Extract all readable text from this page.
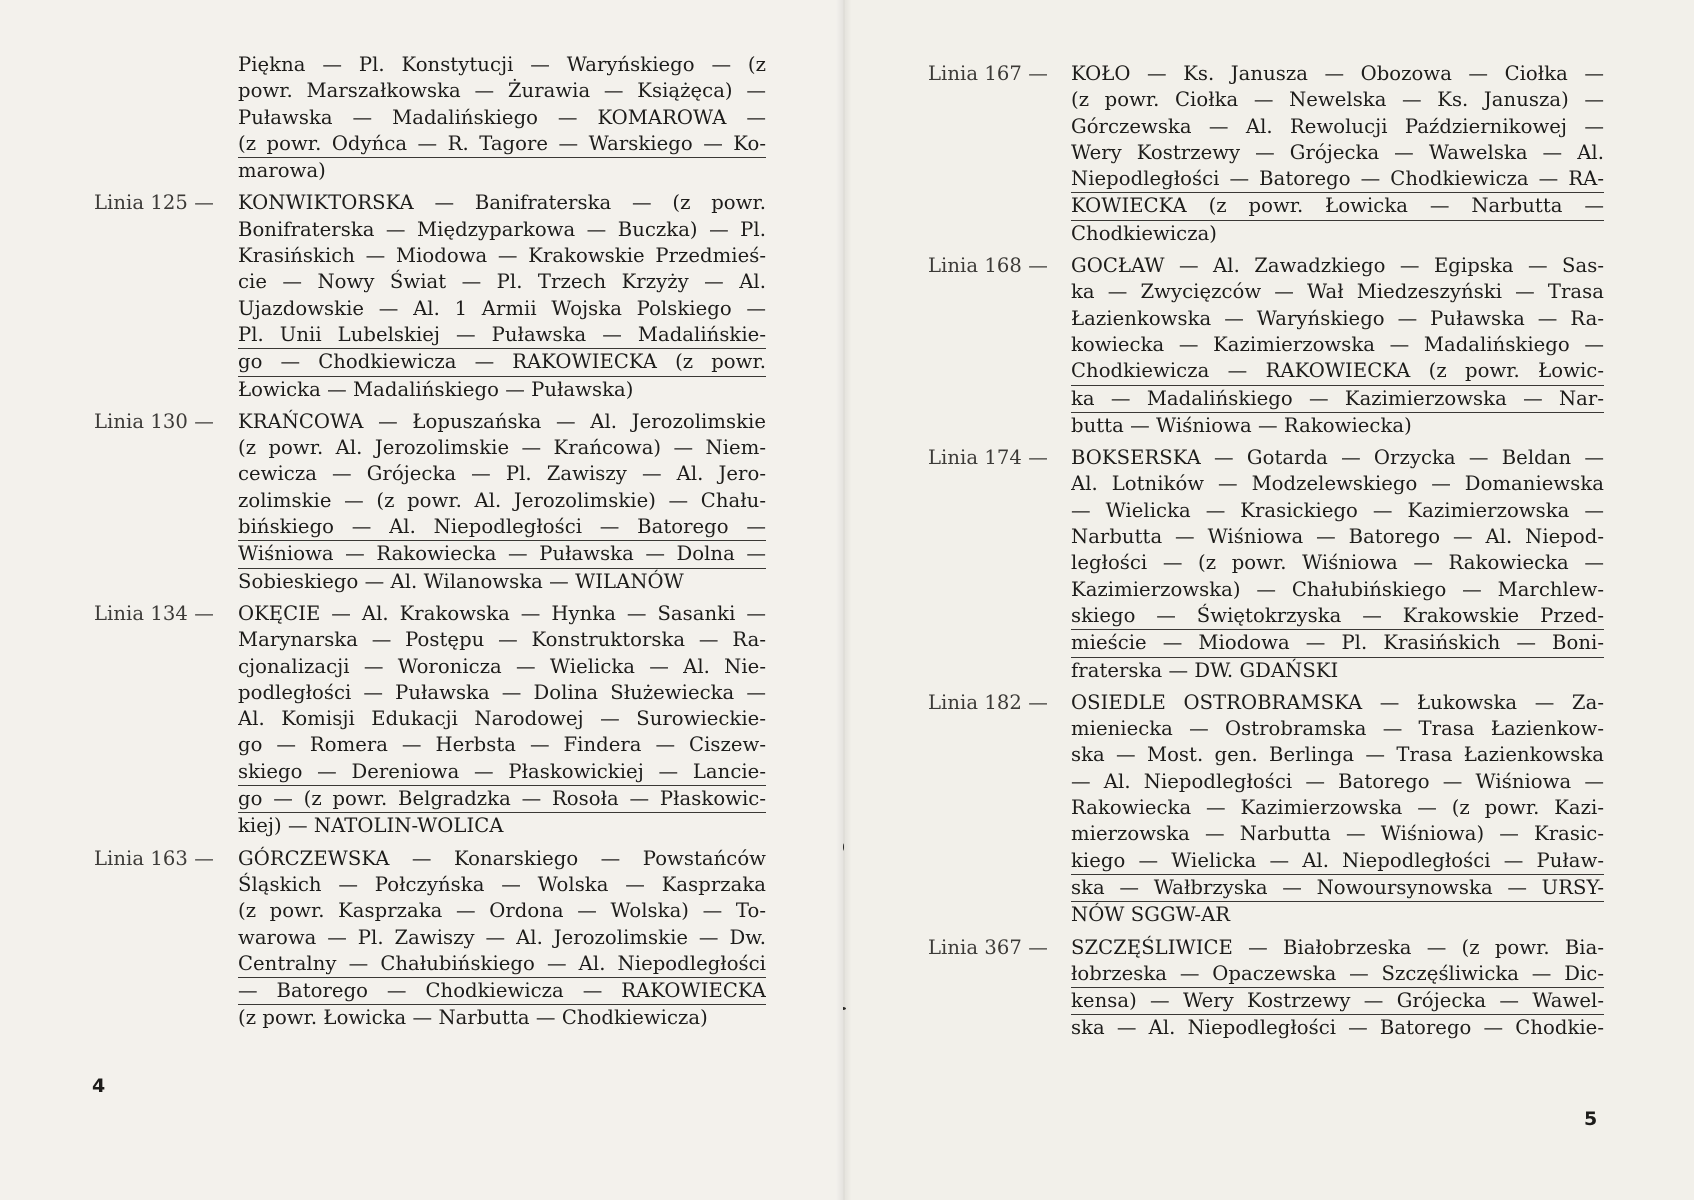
Piękna — Pl. Konstytucji — Waryńskiego — (z
powr. Marszałkowska — Żurawia — Książęca) —
Puławska — Madalińskiego — KOMAROWA —
(z powr. Odyńca — R. Tagore — Warskiego — Ko-
marowa)
Linia 125 —	KONWIKTORSKA — Banifraterska — (z powr.
Bonifraterska — Międzyparkowa — Buczka) — Pl.
Krasińskich — Miodowa — Krakowskie Przedmieś-
cie — Nowy Świat — Pl. Trzech Krzyży — Al.
Ujazdowskie — Al. 1 Armii Wojska Polskiego —
Pl. Unii Lubelskiej — Puławska — Madalińskie-
go — Chodkiewicza — RAKOWIECKA (z powr.
Łowicka — Madalińskiego — Puławska)
Linia 130 —	KRAŃCOWA — Łopuszańska — Al. Jerozolimskie
(z powr. Al. Jerozolimskie — Krańcowa) — Niem-
cewicza — Grójecka — Pl. Zawiszy — Al. Jero-
zolimskie — (z powr. Al. Jerozolimskie) — Chału-
bińskiego — Al. Niepodległości — Batorego —
Wiśniowa — Rakowiecka — Puławska — Dolna —
Sobieskiego — Al. Wilanowska — WILANÓW
Linia 134 —	OKĘCIE — Al. Krakowska — Hynka — Sasanki —
Marynarska — Postępu — Konstruktorska — Ra-
cjonalizacji — Woronicza — Wielicka — Al. Nie-
podległości — Puławska — Dolina Służewiecka —
Al. Komisji Edukacji Narodowej — Surowieckie-
go — Romera — Herbsta — Findera — Ciszew-
skiego — Dereniowa — Płaskowickiej — Lancie-
go — (z powr. Belgradzka — Rosoła — Płaskowic-
kiej) — NATOLIN-WOLICA
Linia 163 —	GÓRCZEWSKA — Konarskiego — Powstańców
Śląskich — Połczyńska — Wolska — Kasprzaka
(z powr. Kasprzaka — Ordona — Wolska) — To-
warowa — Pl. Zawiszy — Al. Jerozolimskie — Dw.
Centralny — Chałubińskiego — Al. Niepodległości
— Batorego — Chodkiewicza — RAKOWIECKA
(z powr. Łowicka — Narbutta — Chodkiewicza)
4
Linia 167 —	KOŁO — Ks. Janusza — Obozowa — Ciołka —
(z powr. Ciołka — Newelska — Ks. Janusza) —
Górczewska — Al. Rewolucji Październikowej —
Wery Kostrzewy — Grójecka — Wawelska — Al.
Niepodległości — Batorego — Chodkiewicza — RA-
KOWIECKA (z powr. Łowicka — Narbutta —
Chodkiewicza)
Linia 168 —	GOCŁAW — Al. Zawadzkiego — Egipska — Sas-
ka — Zwycięzców — Wał Miedzeszyński — Trasa
Łazienkowska — Waryńskiego — Puławska — Ra-
kowiecka — Kazimierzowska — Madalińskiego —
Chodkiewicza — RAKOWIECKA (z powr. Łowic-
ka — Madalińskiego — Kazimierzowska — Nar-
butta — Wiśniowa — Rakowiecka)
Linia 174 —	BOKSERSKA — Gotarda — Orzycka — Beldan —
Al. Lotników — Modzelewskiego — Domaniewska
— Wielicka — Krasickiego — Kazimierzowska —
Narbutta — Wiśniowa — Batorego — Al. Niepod-
ległości — (z powr. Wiśniowa — Rakowiecka —
Kazimierzowska) — Chałubińskiego — Marchlew-
skiego — Świętokrzyska — Krakowskie Przed-
mieście — Miodowa — Pl. Krasińskich — Boni-
fraterska — DW. GDAŃSKI
Linia 182 —	OSIEDLE OSTROBRAMSKA — Łukowska — Za-
mieniecka — Ostrobramska — Trasa Łazienkow-
ska — Most. gen. Berlinga — Trasa Łazienkowska
— Al. Niepodległości — Batorego — Wiśniowa —
Rakowiecka — Kazimierzowska — (z powr. Kazi-
mierzowska — Narbutta — Wiśniowa) — Krasic-
kiego — Wielicka — Al. Niepodległości — Puław-
ska — Wałbrzyska — Nowoursynowska — URSY-
NÓW SGGW-AR
Linia 367 —	SZCZĘŚLIWICE — Białobrzeska — (z powr. Bia-
łobrzeska — Opaczewska — Szczęśliwicka — Dic-
kensa) — Wery Kostrzewy — Grójecka — Wawel-
ska — Al. Niepodległości — Batorego — Chodkie-
5
